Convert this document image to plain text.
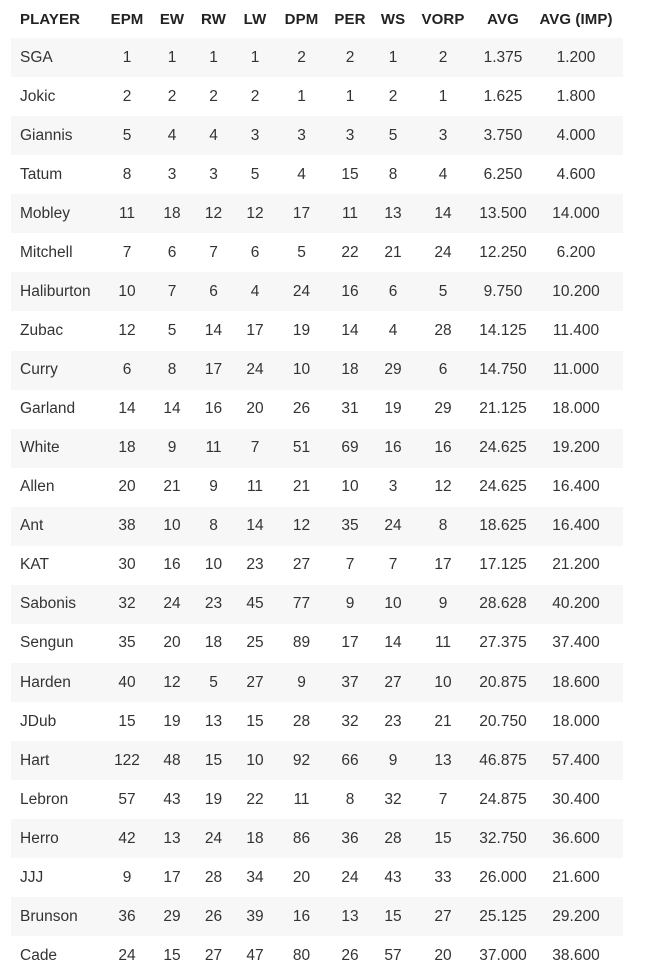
PLAYER	EPM	EW	RW	LW	DPM	PER	WS	VORP	AVG	AVG (IMP)
SGA	1	1	1	1	2	2	1	2	1.375	1.200
Jokic	2	2	2	2	1	1	2	1	1.625	1.800
Giannis	5	4	4	3	3	3	5	3	3.750	4.000
Tatum	8	3	3	5	4	15	8	4	6.250	4.600
Mobley	11	18	12	12	17	11	13	14	13.500	14.000
Mitchell	7	6	7	6	5	22	21	24	12.250	6.200
Haliburton	10	7	6	4	24	16	6	5	9.750	10.200
Zubac	12	5	14	17	19	14	4	28	14.125	11.400
Curry	6	8	17	24	10	18	29	6	14.750	11.000
Garland	14	14	16	20	26	31	19	29	21.125	18.000
White	18	9	11	7	51	69	16	16	24.625	19.200
Allen	20	21	9	11	21	10	3	12	24.625	16.400
Ant	38	10	8	14	12	35	24	8	18.625	16.400
KAT	30	16	10	23	27	7	7	17	17.125	21.200
Sabonis	32	24	23	45	77	9	10	9	28.628	40.200
Sengun	35	20	18	25	89	17	14	11	27.375	37.400
Harden	40	12	5	27	9	37	27	10	20.875	18.600
JDub	15	19	13	15	28	32	23	21	20.750	18.000
Hart	122	48	15	10	92	66	9	13	46.875	57.400
Lebron	57	43	19	22	11	8	32	7	24.875	30.400
Herro	42	13	24	18	86	36	28	15	32.750	36.600
JJJ	9	17	28	34	20	24	43	33	26.000	21.600
Brunson	36	29	26	39	16	13	15	27	25.125	29.200
Cade	24	15	27	47	80	26	57	20	37.000	38.600
